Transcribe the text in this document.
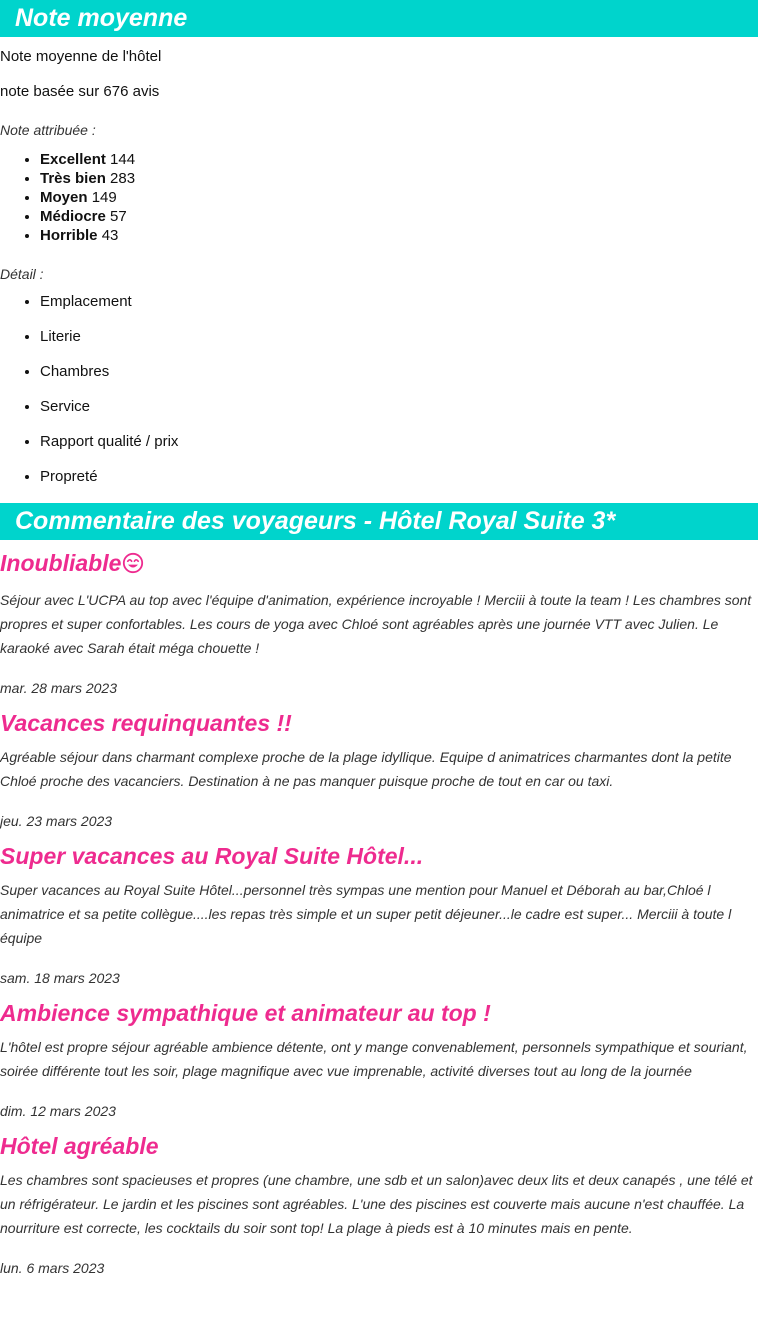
Note moyenne

Note moyenne de l'hôtel

note basée sur 676 avis

Note attribuée :

• Excellent 144
• Très bien 283
• Moyen 149
• Médiocre 57
• Horrible 43

Détail :

• Emplacement
• Literie
• Chambres
• Service
• Rapport qualité / prix
• Propreté
Commentaire des voyageurs - Hôtel Royal Suite 3*
Inoubliable

Séjour avec L'UCPA au top avec l'équipe d'animation, expérience incroyable ! Merciii à toute la team ! Les chambres sont propres et super confortables. Les cours de yoga avec Chloé sont agréables après une journée VTT avec Julien. Le karaoké avec Sarah était méga chouette !

mar. 28 mars 2023

Vacances requinquantes !!

Agréable séjour dans charmant complexe proche de la plage idyllique. Equipe d animatrices charmantes dont la petite Chloé proche des vacanciers. Destination à ne pas manquer puisque proche de tout en car ou taxi.

jeu. 23 mars 2023

Super vacances au Royal Suite Hôtel...

Super vacances au Royal Suite Hôtel...personnel très sympas une mention pour Manuel et Déborah au bar,Chloé l animatrice et sa petite collègue....les repas très simple et un super petit déjeuner...le cadre est super... Merciii à toute l équipe

sam. 18 mars 2023

Ambience sympathique et animateur au top !

L'hôtel est propre séjour agréable ambience détente, ont y mange convenablement, personnels sympathique et souriant, soirée différente tout les soir, plage magnifique avec vue imprenable, activité diverses tout au long de la journée

dim. 12 mars 2023

Hôtel agréable

Les chambres sont spacieuses et propres (une chambre, une sdb et un salon)avec deux lits et deux canapés , une télé et un réfrigérateur. Le jardin et les piscines sont agréables. L'une des piscines est couverte mais aucune n'est chauffée. La nourriture est correcte, les cocktails du soir sont top! La plage à pieds est à 10 minutes mais en pente.

lun. 6 mars 2023
